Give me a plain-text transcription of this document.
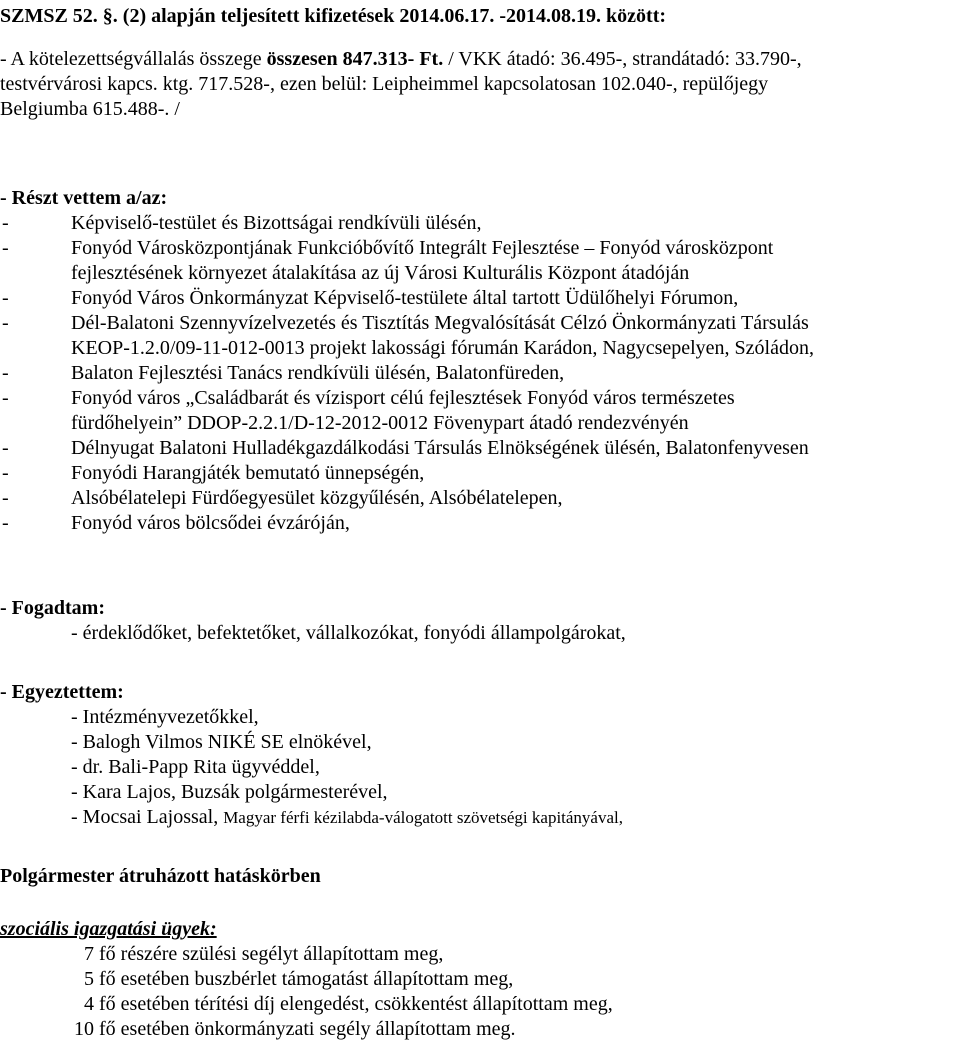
SZMSZ 52. §. (2) alapján teljesített kifizetések 2014.06.17. -2014.08.19. között:
- A kötelezettségvállalás összege összesen 847.313- Ft. / VKK átadó: 36.495-, strandátadó: 33.790-,
testvérvárosi kapcs. ktg. 717.528-, ezen belül: Leipheimmel kapcsolatosan 102.040-, repülőjegy
Belgiumba 615.488-. /
- Részt vettem a/az:
-	Képviselő-testület és Bizottságai rendkívüli ülésén,
-	Fonyód Városközpontjának Funkcióbővítő Integrált Fejlesztése – Fonyód városközpont
fejlesztésének környezet átalakítása az új Városi Kulturális Központ átadóján
-	Fonyód Város Önkormányzat Képviselő-testülete által tartott Üdülőhelyi Fórumon,
-	Dél-Balatoni Szennyvízelvezetés és Tisztítás Megvalósítását Célzó Önkormányzati Társulás
KEOP-1.2.0/09-11-012-0013 projekt lakossági fórumán Karádon, Nagycsepelyen, Szóládon,
-	Balaton Fejlesztési Tanács rendkívüli ülésén, Balatonfüreden,
-	Fonyód város „Családbarát és vízisport célú fejlesztések Fonyód város természetes
fürdőhelyein” DDOP-2.2.1/D-12-2012-0012 Fövenypart átadó rendezvényén
-	Délnyugat Balatoni Hulladékgazdálkodási Társulás Elnökségének ülésén, Balatonfenyvesen
-	Fonyódi Harangjáték bemutató ünnepségén,
-	Alsóbélatelepi Fürdőegyesület közgyűlésén, Alsóbélatelepen,
-	Fonyód város bölcsődei évzáróján,
- Fogadtam:
- érdeklődőket, befektetőket, vállalkozókat, fonyódi állampolgárokat,
- Egyeztettem:
- Intézményvezetőkkel,
- Balogh Vilmos NIKÉ SE elnökével,
- dr. Bali-Papp Rita ügyvéddel,
- Kara Lajos, Buzsák polgármesterével,
- Mocsai Lajossal, Magyar férfi kézilabda-válogatott szövetségi kapitányával,
Polgármester átruházott hatáskörben
szociális igazgatási ügyek:
7 fő részére szülési segélyt állapítottam meg,
5 fő esetében buszbérlet támogatást állapítottam meg,
4 fő esetében térítési díj elengedést, csökkentést állapítottam meg,
10 fő esetében önkormányzati segély állapítottam meg.
